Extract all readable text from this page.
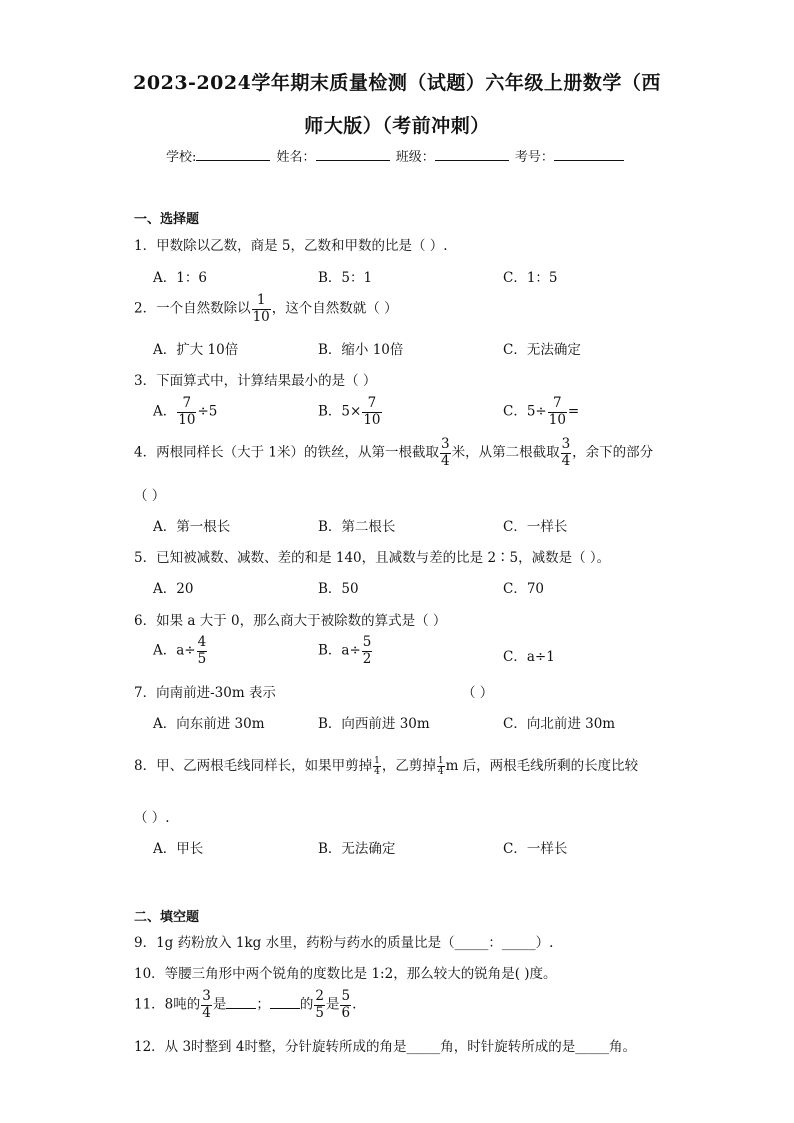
2023-2024学年期末质量检测（试题）六年级上册数学（西
师大版）（考前冲刺）
学校:	姓名：	班级：	考号：
一、选择题
1．甲数除以乙数，商是 5，乙数和甲数的比是（ ）.
A．1：6	B．5：1	C．1：5
2．一个自然数除以 $\frac{1}{10}$ ，这个自然数就（ ）
A．扩大 10倍	B．缩小 10倍	C．无法确定
3．下面算式中，计算结果最小的是（ ）
A． $\frac{7}{10} \div 5$	B．$5\times \frac{7}{10}$	C．$5\div \frac{7}{10}$ =
4．两根同样长（大于 1米）的铁丝，从第一根截取 $\frac{3}{4}$ 米，从第二根截取 $\frac{3}{4}$ ，余下的部分
（ ）
A．第一根长	B．第二根长	C．一样长
5．已知被减数、减数、差的和是 140，且减数与差的比是 2∶5，减数是（ ）。
A．20	B．50	C．70
6．如果 a 大于 0，那么商大于被除数的算式是（ ）
A．$a\div \frac{4}{5}$	B．$a\div \frac{5}{2}$	C．a÷1
7．向南前进-30m 表示	（ ）
A．向东前进 30m	B．向西前进 30m	C．向北前进 30m
8．甲、乙两根毛线同样长，如果甲剪掉 $\frac{1}{4}$ ，乙剪掉 $\frac{1}{4}$ m 后，两根毛线所剩的长度比较
（ ）.
A．甲长	B．无法确定	C．一样长
二、填空题
9．1g 药粉放入 1kg 水里，药粉与药水的质量比是（_____：_____）.
10．等腰三角形中两个锐角的度数比是 1:2，那么较大的锐角是( )度。
11．8吨的 $\frac{3}{4}$ 是 ； 的 $\frac{2}{5}$ 是 $\frac{5}{6}$ .
12．从 3时整到 4时整，分针旋转所成的角是_____角，时针旋转所成的是_____角。
